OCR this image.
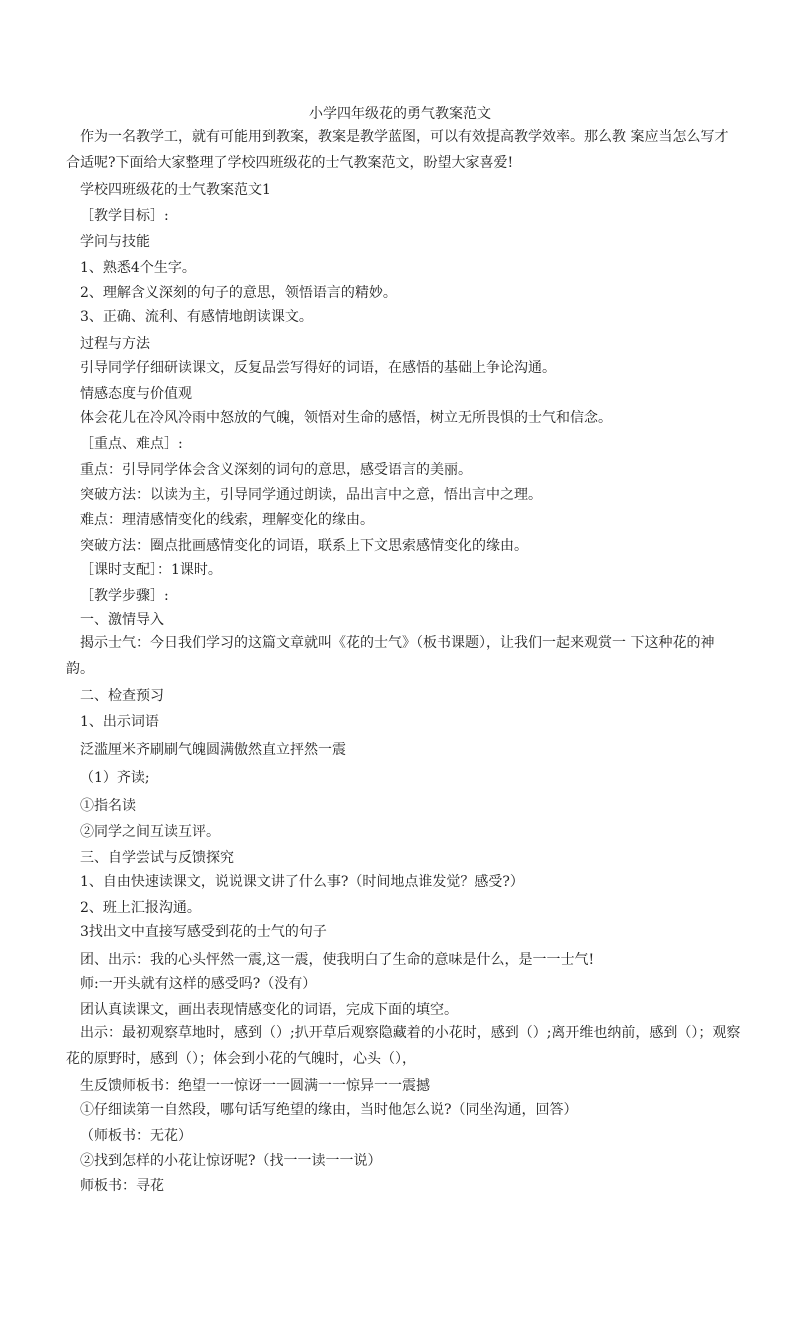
小学四年级花的勇气教案范文
作为一名教学工，就有可能用到教案，教案是教学蓝图，可以有效提高教学效率。那么教 案应当怎么写才合适呢?下面给大家整理了学校四班级花的士气教案范文，盼望大家喜爱!
学校四班级花的士气教案范文1
［教学目标］:
学问与技能
1、熟悉4个生字。
2、理解含义深刻的句子的意思，领悟语言的精妙。
3、正确、流利、有感情地朗读课文。
过程与方法
引导同学仔细研读课文，反复品尝写得好的词语，在感悟的基础上争论沟通。
情感态度与价值观
体会花儿在冷风冷雨中怒放的气魄，领悟对生命的感悟，树立无所畏惧的士气和信念。
［重点、难点］:
重点：引导同学体会含义深刻的词句的意思，感受语言的美丽。
突破方法：以读为主，引导同学通过朗读，品出言中之意，悟出言中之理。
难点：理清感情变化的线索，理解变化的缘由。
突破方法：圈点批画感情变化的词语，联系上下文思索感情变化的缘由。
［课时支配］：1课时。
［教学步骤］:
一、激情导入
揭示士气：今日我们学习的这篇文章就叫《花的士气》（板书课题），让我们一起来观赏一 下这种花的神韵。
二、检查预习
1、出示词语
泛滥厘米齐刷刷气魄圆满傲然直立抨然一震
（1）齐读;
①指名读
②同学之间互读互评。
三、自学尝试与反馈探究
1、自由快速读课文，说说课文讲了什么事?（时间地点谁发觉？感受?）
2、班上汇报沟通。
3找出文中直接写感受到花的士气的句子
团、出示：我的心头怦然一震,这一震，使我明白了生命的意味是什么，是一一士气!
师:一开头就有这样的感受吗?（没有）
团认真读课文，画出表现情感变化的词语，完成下面的填空。
出示：最初观察草地时，感到（）;扒开草后观察隐藏着的小花时，感到（）;离开维也纳前，感到（）；观察花的原野时，感到（）；体会到小花的气魄时，心头（），
生反馈师板书：绝望一一惊讶一一圆满一一惊异一一震撼
①仔细读第一自然段，哪句话写绝望的缘由，当时他怎么说?（同坐沟通，回答）
（师板书：无花）
②找到怎样的小花让惊讶呢?（找一一读一一说）
师板书：寻花
